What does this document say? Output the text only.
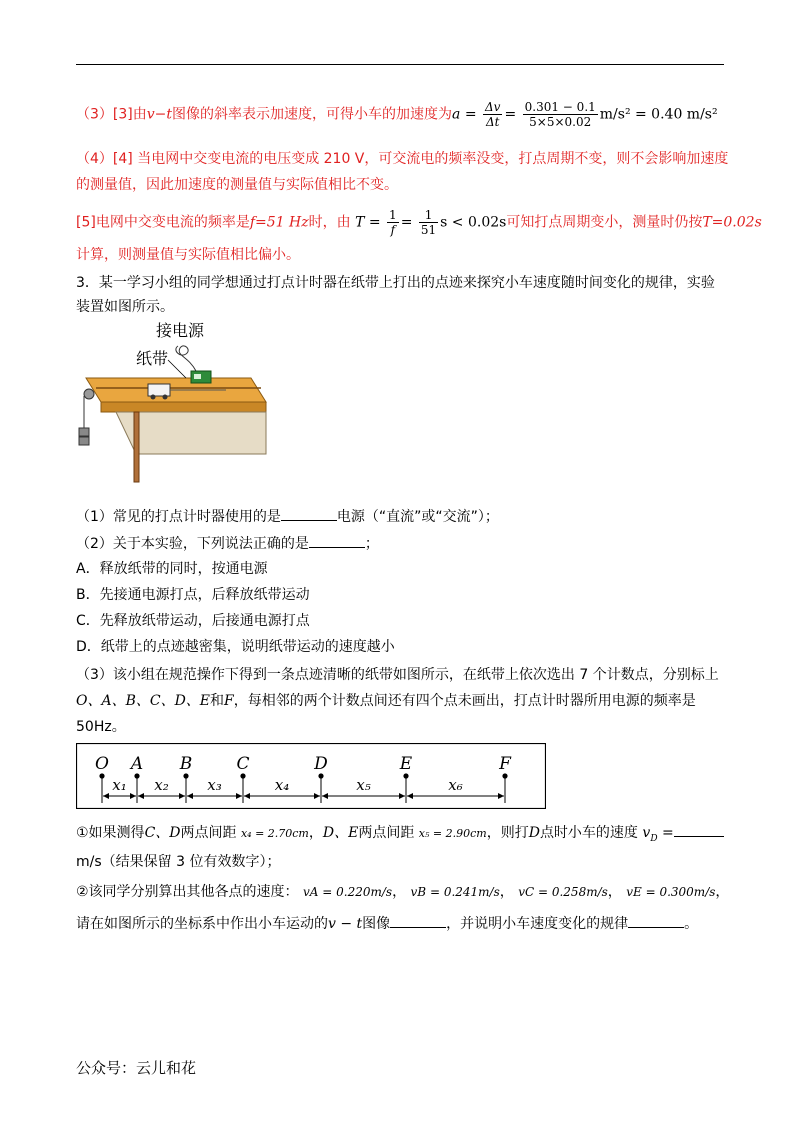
（3）[3]由v−t图像的斜率表示加速度，可得小车的加速度为$a = \frac{\Delta v}{\Delta t} = \frac{0.301 - 0.1}{5\times 5\times 0.02} m/s^2 = 0.40$ m/s²
（4）[4] 当电网中交变电流的电压变成 210 V，可交流电的频率没变，打点周期不变，则不会影响加速度
的测量值，因此加速度的测量值与实际值相比不变。
[5]电网中交变电流的频率是f=51 Hz时，由 $T = \frac{1}{f} = \frac{1}{51}$ s < 0.02s可知打点周期变小，测量时仍按T=0.02s
计算，则测量值与实际值相比偏小。
3．某一学习小组的同学想通过打点计时器在纸带上打出的点迹来探究小车速度随时间变化的规律，实验
装置如图所示。
接电源
纸带
（1）常见的打点计时器使用的是	电源（“直流”或“交流”）；
（2）关于本实验，下列说法正确的是	；
A．释放纸带的同时，按通电源
B．先接通电源打点，后释放纸带运动
C．先释放纸带运动，后接通电源打点
D．纸带上的点迹越密集，说明纸带运动的速度越小
（3）该小组在规范操作下得到一条点迹清晰的纸带如图所示，在纸带上依次选出 7 个计数点，分别标上
O、A、B、C、D、E和F，每相邻的两个计数点间还有四个点未画出，打点计时器所用电源的频率是
50Hz。
O A B	C	D	E	F
x₁ x₂	x₃	x₄	x₅	x₆
①如果测得C、D两点间距 x₄ = 2.70cm，D、E两点间距 x₅ = 2.90cm，则打D点时小车的速度 $v_D$ =
m/s（结果保留 3 位有效数字）；
②该同学分别算出其他各点的速度： vA = 0.220m/s， vB = 0.241m/s， vC = 0.258m/s， vE = 0.300m/s，
请在如图所示的坐标系中作出小车运动的v − t图像	，并说明小车速度变化的规律	。
公众号：云儿和花
